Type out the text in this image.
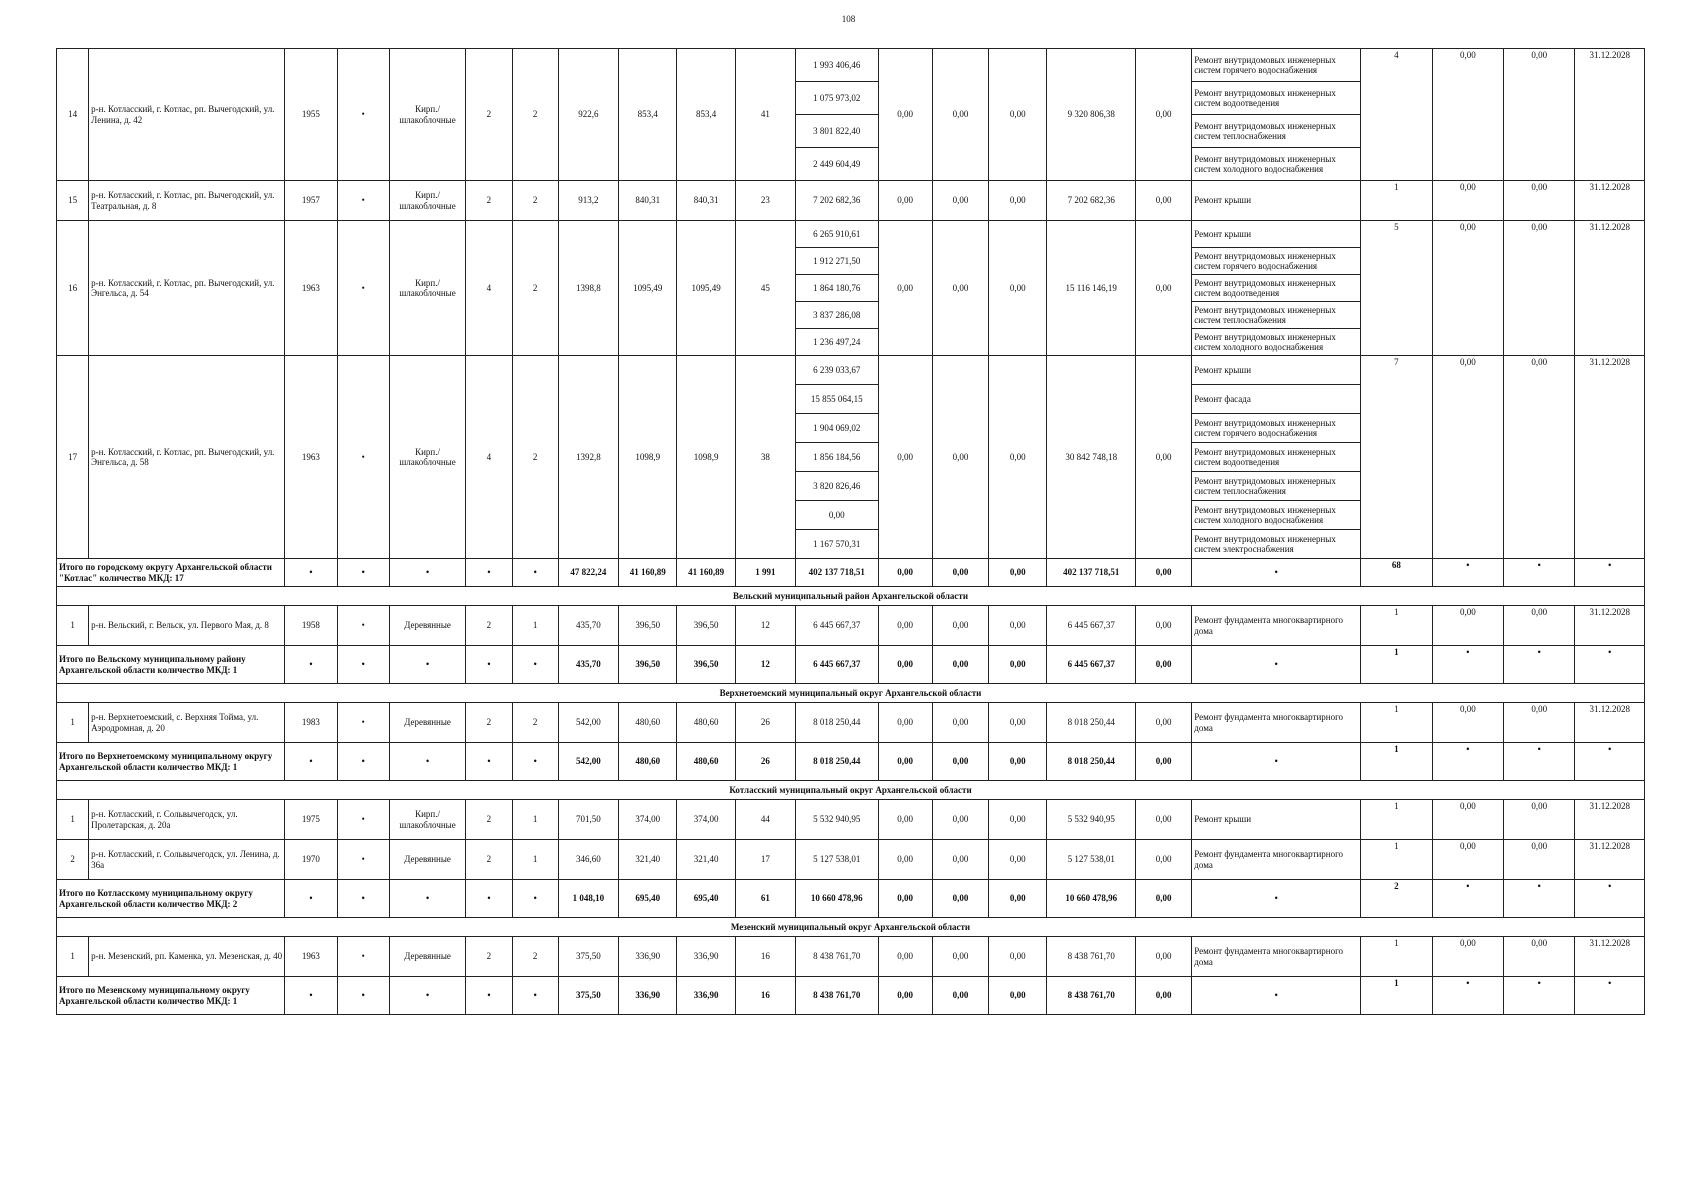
108
14	р-н. Котласский, г. Котлас, рп. Вычегодский, ул. Ленина, д. 42	1955	•	Кирп./шлакоблочные	2	2	922,6	853,4	853,4	41	1 993 406,46	0,00	0,00	0,00	9 320 806,38	0,00	Ремонт внутридомовых инженерных систем горячего водоснабжения	4	0,00	0,00	31.12.2028
											1 075 973,02						Ремонт внутридомовых инженерных систем водоотведения				
											3 801 822,40						Ремонт внутридомовых инженерных систем теплоснабжения				
											2 449 604,49						Ремонт внутридомовых инженерных систем холодного водоснабжения				
15	р-н. Котласский, г. Котлас, рп. Вычегодский, ул. Театральная, д. 8	1957	•	Кирп./шлакоблочные	2	2	913,2	840,31	840,31	23	7 202 682,36	0,00	0,00	0,00	7 202 682,36	0,00	Ремонт крыши	1	0,00	0,00	31.12.2028
16	р-н. Котласский, г. Котлас, рп. Вычегодский, ул. Энгельса, д. 54	1963	•	Кирп./шлакоблочные	4	2	1398,8	1095,49	1095,49	45	6 265 910,61	0,00	0,00	0,00	15 116 146,19	0,00	Ремонт крыши	5	0,00	0,00	31.12.2028
											1 912 271,50						Ремонт внутридомовых инженерных систем горячего водоснабжения				
											1 864 180,76						Ремонт внутридомовых инженерных систем водоотведения				
											3 837 286,08						Ремонт внутридомовых инженерных систем теплоснабжения				
											1 236 497,24						Ремонт внутридомовых инженерных систем холодного водоснабжения				
17	р-н. Котласский, г. Котлас, рп. Вычегодский, ул. Энгельса, д. 58	1963	•	Кирп./шлакоблочные	4	2	1392,8	1098,9	1098,9	38	6 239 033,67	0,00	0,00	0,00	30 842 748,18	0,00	Ремонт крыши	7	0,00	0,00	31.12.2028
											15 855 064,15						Ремонт фасада				
											1 904 069,02						Ремонт внутридомовых инженерных систем горячего водоснабжения				
											1 856 184,56						Ремонт внутридомовых инженерных систем водоотведения				
											3 820 826,46						Ремонт внутридомовых инженерных систем теплоснабжения				
											0,00						Ремонт внутридомовых инженерных систем холодного водоснабжения				
											1 167 570,31						Ремонт внутридомовых инженерных систем электроснабжения				
Итого по городскому округу Архангельской области "Котлас" количество МКД: 17		•	•	•	•	•	47 822,24	41 160,89	41 160,89	1 991	402 137 718,51	0,00	0,00	0,00	402 137 718,51	0,00	•	68	•	•	•
Вельский муниципальный район Архангельской области																					
1	р-н. Вельский, г. Вельск, ул. Первого Мая, д. 8	1958	•	Деревянные	2	1	435,70	396,50	396,50	12	6 445 667,37	0,00	0,00	0,00	6 445 667,37	0,00	Ремонт фундамента многоквартирного дома	1	0,00	0,00	31.12.2028
Итого по Вельскому муниципальному району Архангельской области количество МКД: 1		•	•	•	•	•	435,70	396,50	396,50	12	6 445 667,37	0,00	0,00	0,00	6 445 667,37	0,00	•	1	•	•	•
Верхнетоемский муниципальный округ Архангельской области																					
1	р-н. Верхнетоемский, с. Верхняя Тойма, ул. Аэродромная, д. 20	1983	•	Деревянные	2	2	542,00	480,60	480,60	26	8 018 250,44	0,00	0,00	0,00	8 018 250,44	0,00	Ремонт фундамента многоквартирного дома	1	0,00	0,00	31.12.2028
Итого по Верхнетоемскому муниципальному округу Архангельской области количество МКД: 1		•	•	•	•	•	542,00	480,60	480,60	26	8 018 250,44	0,00	0,00	0,00	8 018 250,44	0,00	•	1	•	•	•
Котласский муниципальный округ Архангельской области																					
1	р-н. Котласский, г. Сольвычегодск, ул. Пролетарская, д. 20а	1975	•	Кирп./шлакоблочные	2	1	701,50	374,00	374,00	44	5 532 940,95	0,00	0,00	0,00	5 532 940,95	0,00	Ремонт крыши	1	0,00	0,00	31.12.2028
2	р-н. Котласский, г. Сольвычегодск, ул. Ленина, д. 36а	1970	•	Деревянные	2	1	346,60	321,40	321,40	17	5 127 538,01	0,00	0,00	0,00	5 127 538,01	0,00	Ремонт фундамента многоквартирного дома	1	0,00	0,00	31.12.2028
Итого по Котласскому муниципальному округу Архангельской области количество МКД: 2		•	•	•	•	•	1 048,10	695,40	695,40	61	10 660 478,96	0,00	0,00	0,00	10 660 478,96	0,00	•	2	•	•	•
Мезенский муниципальный округ Архангельской области																					
1	р-н. Мезенский, рп. Каменка, ул. Мезенская, д. 40	1963	•	Деревянные	2	2	375,50	336,90	336,90	16	8 438 761,70	0,00	0,00	0,00	8 438 761,70	0,00	Ремонт фундамента многоквартирного дома	1	0,00	0,00	31.12.2028
Итого по Мезенскому муниципальному округу Архангельской области количество МКД: 1		•	•	•	•	•	375,50	336,90	336,90	16	8 438 761,70	0,00	0,00	0,00	8 438 761,70	0,00	•	1	•	•	•
